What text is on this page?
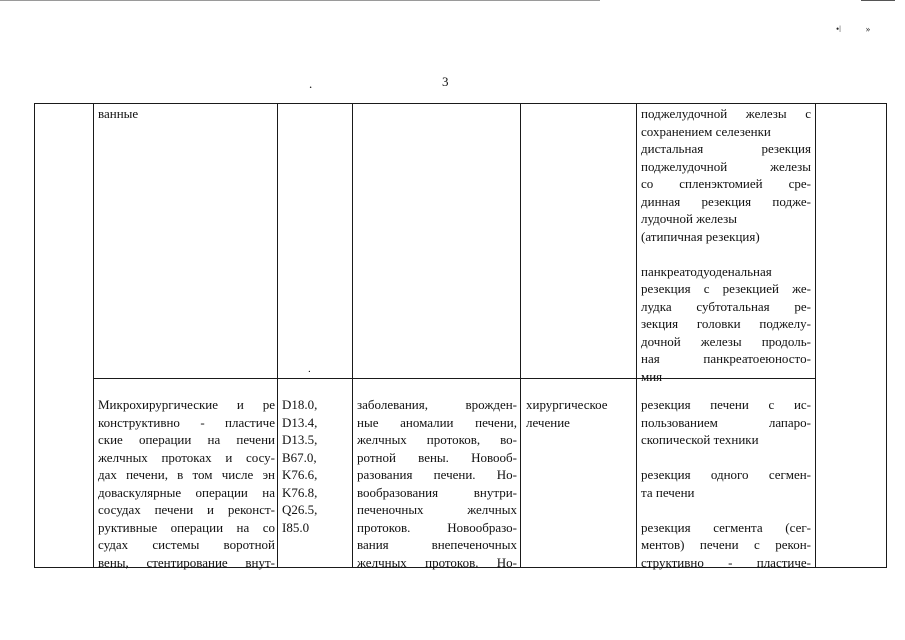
•ǀ           »
.	3
ванные	поджелудочной железы с
сохранением селезенки
дистальная резекция
поджелудочной железы
со спленэктомией сре-
динная резекция подже-
лудочной железы
(атипичная резекция)
панкреатодуоденальная
резекция с резекцией же-
лудка субтотальная ре-
зекция головки поджелу-
дочной железы продоль-
ная панкреатоеюностo-
мия
.
Микрохирургические и ре
конструктивно - пластиче
ские операции на печени
желчных протоках и сосу-
дах печени, в том числе эн
доваскулярные операции на
сосудах печени и реконст-
руктивные операции на со
судах системы воротной
вены, стентирование внут-
D18.0,
D13.4,
D13.5,
B67.0,
K76.6,
K76.8,
Q26.5,
I85.0
заболевания, врожден-
ные аномалии печени,
желчных протоков, во-
ротной вены. Новооб-
разования печени. Но-
вообразования внутри-
печеночных желчных
протоков. Новообразо-
вания внепеченочных
желчных протоков. Но-
хирургическое
лечение
резекция печени с ис-
пользованием лапаро-
скопической техники
резекция одного сегмен-
та печени
резекция сегмента (сег-
ментов) печени с рекон-
структивно - пластиче-
